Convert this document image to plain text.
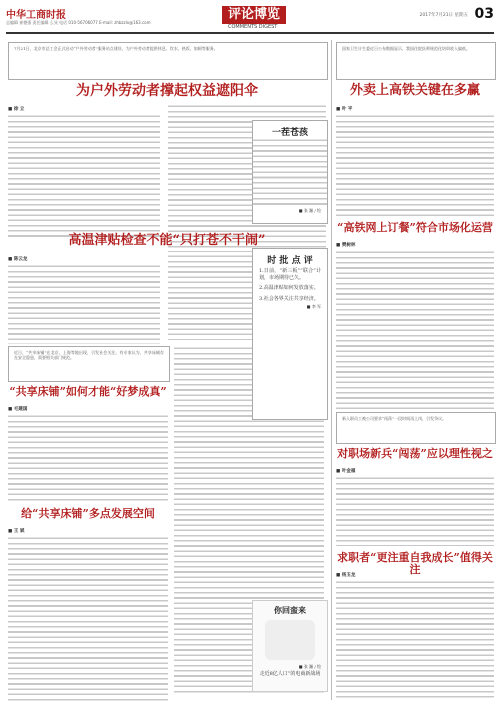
中华工商时报
总编辑 崔德强 责任编辑 么旻 电话 010-56706077 E-mail: zhbzzlx@163.com
评论博览
COMMENTS DIGEST
2017年7月21日 星期五 03
7月21日，北京市总工会正式启动“户外劳动者”服务站点建设，为户外劳动者提供休息、饮水、热饭、如厕等服务。
为户外劳动者撑起权益遮阳伞
■ 徐 立
高温津贴检查不能“只打苍不干闹”
■ 陈云龙
近日，“共享床铺”在北京、上海等地出现，引发社会关注。有专家认为，共享床铺存在安全隐患，需要相关部门规范。
“共享床铺”如何才能“好梦成真”
■ 毛建国
给“共享床铺”多点发展空间
■ 王 斌
一茬苍孩
■ 张 瀚 / 绘
时 批 点 评
1.日前，“新三板”“联合”计划，市场期待已久。
2.高温津贴如何发放落实。
3.社会各界关注共享经济。
■ 李 军
你回蛮来
■ 张 瀚 / 绘
走近8亿人口”的电商新战场
国家卫生计生委近日公布数据显示，我国住院医师规范化培训收入偏低。
外卖上高铁关键在多赢
■ 叶 平
“高铁网上订餐”符合市场化运营
■ 樊树林
新入职员工被公司要求“闯荡”一段时间再上岗，引发争议。
对职场新兵“闯荡”应以理性视之
■ 叶金福
求职者“更注重自我成长”值得关注
■ 杨玉龙
